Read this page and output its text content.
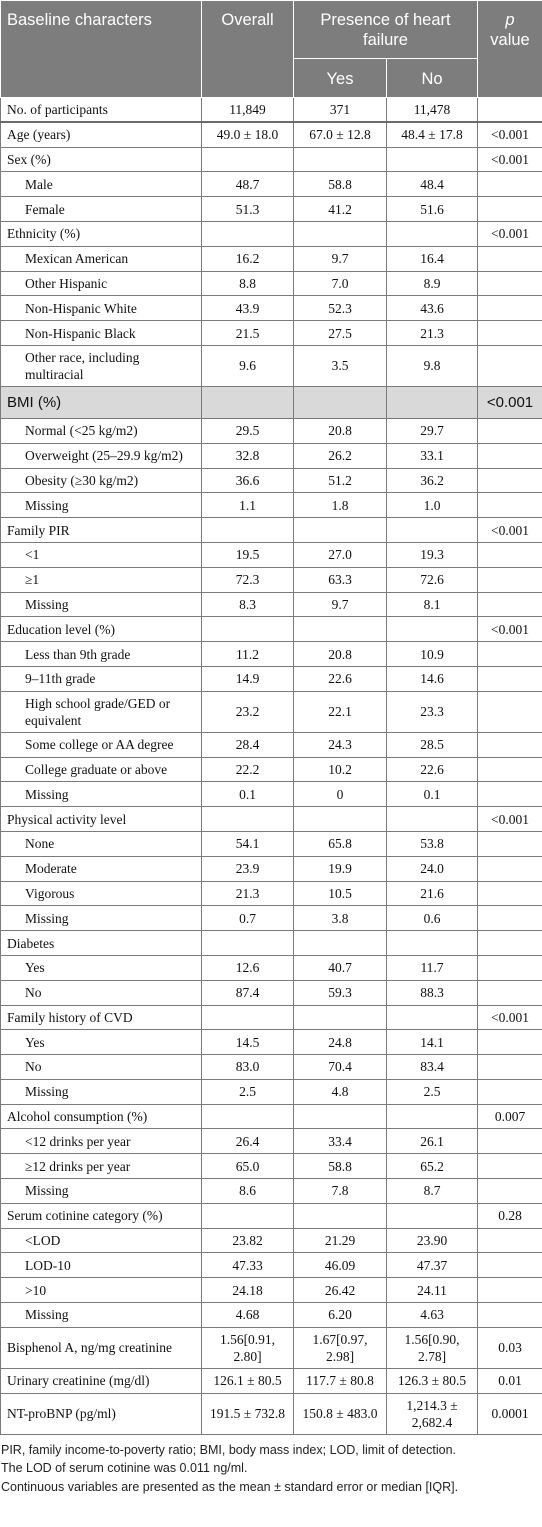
Baseline characters	Overall	Presence of heart failure		p
value
		Yes	No	
No. of participants	11,849	371	11,478	
Age (years)	49.0 ± 18.0	67.0 ± 12.8	48.4 ± 17.8	<0.001
Sex (%)				<0.001
Male	48.7	58.8	48.4	
Female	51.3	41.2	51.6	
Ethnicity (%)				<0.001
Mexican American	16.2	9.7	16.4	
Other Hispanic	8.8	7.0	8.9	
Non-Hispanic White	43.9	52.3	43.6	
Non-Hispanic Black	21.5	27.5	21.3	
Other race, including multiracial	9.6	3.5	9.8	
BMI (%)				<0.001
Normal (<25 kg/m2)	29.5	20.8	29.7	
Overweight (25–29.9 kg/m2)	32.8	26.2	33.1	
Obesity (≥30 kg/m2)	36.6	51.2	36.2	
Missing	1.1	1.8	1.0	
Family PIR				<0.001
<1	19.5	27.0	19.3	
≥1	72.3	63.3	72.6	
Missing	8.3	9.7	8.1	
Education level (%)				<0.001
Less than 9th grade	11.2	20.8	10.9	
9–11th grade	14.9	22.6	14.6	
High school grade/GED or equivalent	23.2	22.1	23.3	
Some college or AA degree	28.4	24.3	28.5	
College graduate or above	22.2	10.2	22.6	
Missing	0.1	0	0.1	
Physical activity level				<0.001
None	54.1	65.8	53.8	
Moderate	23.9	19.9	24.0	
Vigorous	21.3	10.5	21.6	
Missing	0.7	3.8	0.6	
Diabetes				
Yes	12.6	40.7	11.7	
No	87.4	59.3	88.3	
Family history of CVD				<0.001
Yes	14.5	24.8	14.1	
No	83.0	70.4	83.4	
Missing	2.5	4.8	2.5	
Alcohol consumption (%)				0.007
<12 drinks per year	26.4	33.4	26.1	
≥12 drinks per year	65.0	58.8	65.2	
Missing	8.6	7.8	8.7	
Serum cotinine category (%)				0.28
<LOD	23.82	21.29	23.90	
LOD-10	47.33	46.09	47.37	
>10	24.18	26.42	24.11	
Missing	4.68	6.20	4.63	
Bisphenol A, ng/mg creatinine	1.56[0.91, 2.80]	1.67[0.97, 2.98]	1.56[0.90, 2.78]	0.03
Urinary creatinine (mg/dl)	126.1 ± 80.5	117.7 ± 80.8	126.3 ± 80.5	0.01
NT-proBNP (pg/ml)	191.5 ± 732.8	150.8 ± 483.0	1,214.3 ± 2,682.4	0.0001
PIR, family income-to-poverty ratio; BMI, body mass index; LOD, limit of detection.
The LOD of serum cotinine was 0.011 ng/ml.
Continuous variables are presented as the mean ± standard error or median [IQR].
